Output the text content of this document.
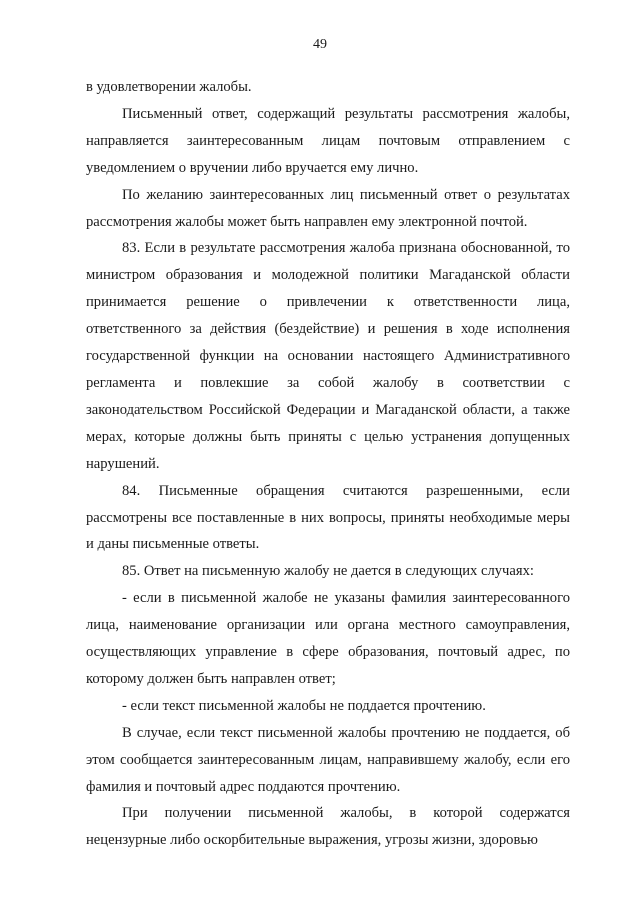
49

в удовлетворении жалобы.

Письменный ответ, содержащий результаты рассмотрения жалобы, направляется заинтересованным лицам почтовым отправлением с уведомлением о вручении либо вручается ему лично.

По желанию заинтересованных лиц письменный ответ о результатах рассмотрения жалобы может быть направлен ему электронной почтой.

83. Если в результате рассмотрения жалоба признана обоснованной, то министром образования и молодежной политики Магаданской области принимается решение о привлечении к ответственности лица, ответственного за действия (бездействие) и решения в ходе исполнения государственной функции на основании настоящего Административного регламента и повлекшие за собой жалобу в соответствии с законодательством Российской Федерации и Магаданской области, а также мерах, которые должны быть приняты с целью устранения допущенных нарушений.

84. Письменные обращения считаются разрешенными, если рассмотрены все поставленные в них вопросы, приняты необходимые меры и даны письменные ответы.

85. Ответ на письменную жалобу не дается в следующих случаях:

- если в письменной жалобе не указаны фамилия заинтересованного лица, наименование организации или органа местного самоуправления, осуществляющих управление в сфере образования, почтовый адрес, по которому должен быть направлен ответ;

- если текст письменной жалобы не поддается прочтению.

В случае, если текст письменной жалобы прочтению не поддается, об этом сообщается заинтересованным лицам, направившему жалобу, если его фамилия и почтовый адрес поддаются прочтению.

При получении письменной жалобы, в которой содержатся нецензурные либо оскорбительные выражения, угрозы жизни, здоровью
